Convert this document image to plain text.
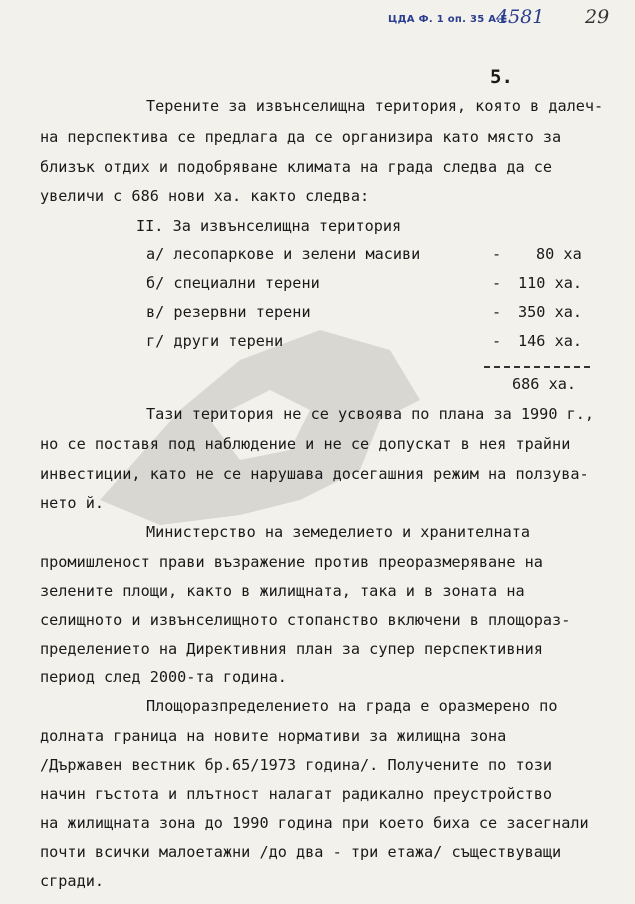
ЦДА Ф. 1 оп. 35 А.Е.
4581 29
5.
Терените за извънселищна територия, която в далеч-
на перспектива се предлага да се организира като място за
близък отдих и подобряване климата на града следва да се
увеличи с 686 нови ха. както следва:
II. За извънселищна територия
а/ лесопаркове и зелени масиви	- 80 ха
б/ специални терени	- 110 ха.
в/ резервни терени	- 350 ха.
г/ други терени	- 146 ха.
686 ха.
Тази територия не се усвоява по плана за 1990 г.,
но се поставя под наблюдение и не се допускат в нея трайни
инвестиции, като не се нарушава досегашния режим на ползува-
нето й.
Министерство на земеделието и хранителната
промишленост прави възражение против преоразмеряване на
зелените площи, както в жилищната, така и в зоната на
селищното и извънселищното стопанство включени в площораз-
пределението на Директивния план за супер перспективния
период след 2000-та година.
Площоразпределението на града е оразмерено по
долната граница на новите нормативи за жилищна зона
/Държавен вестник бр.65/1973 година/. Получените по този
начин гъстота и плътност налагат радикално преустройство
на жилищната зона до 1990 година при което биха се засегнали
почти всички малоетажни /до два - три етажа/ съществуващи
сгради.
